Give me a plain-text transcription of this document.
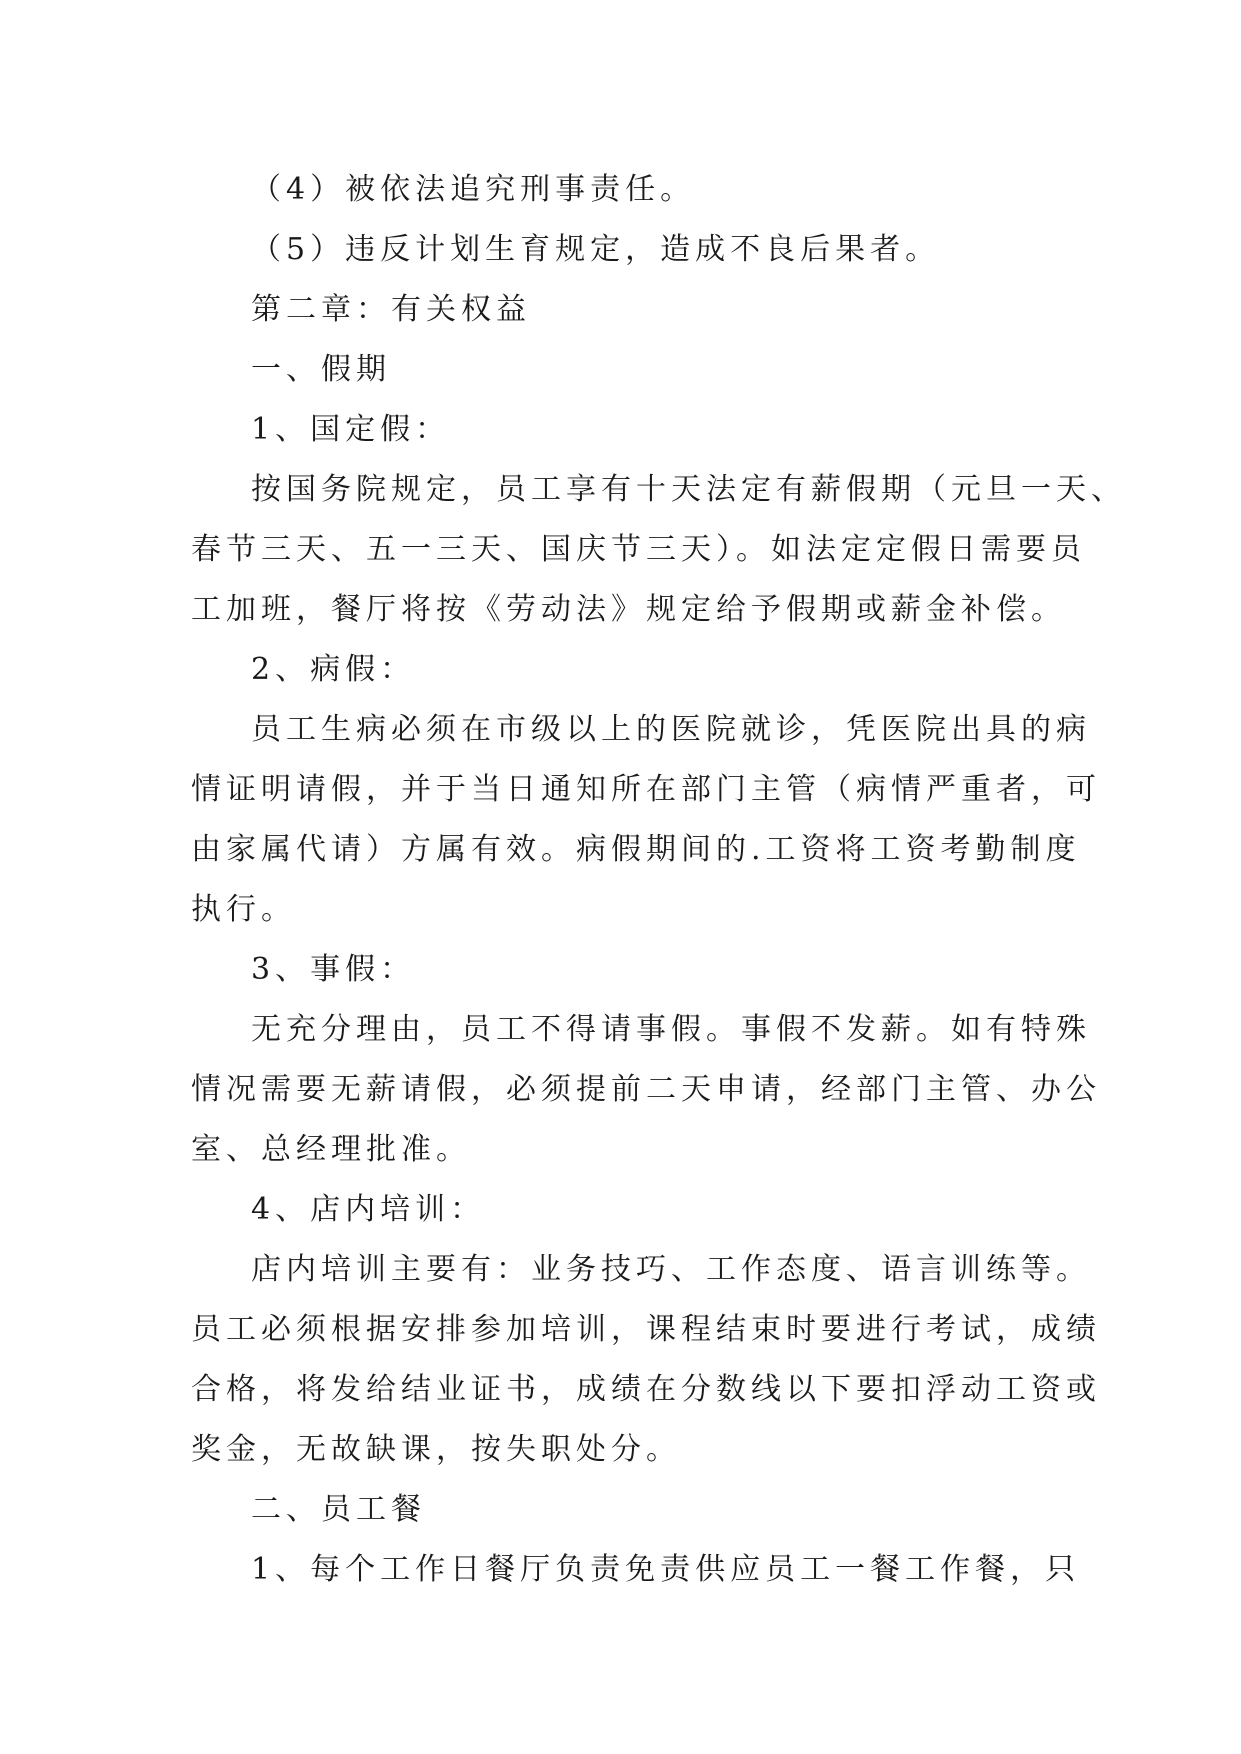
（4）被依法追究刑事责任。
（5）违反计划生育规定，造成不良后果者。
第二章：有关权益
一、假期
1、国定假：
按国务院规定，员工享有十天法定有薪假期（元旦一天、
春节三天、五一三天、国庆节三天）。如法定定假日需要员
工加班，餐厅将按《劳动法》规定给予假期或薪金补偿。
2、病假：
员工生病必须在市级以上的医院就诊，凭医院出具的病
情证明请假，并于当日通知所在部门主管（病情严重者，可
由家属代请）方属有效。病假期间的.工资将工资考勤制度
执行。
3、事假：
无充分理由，员工不得请事假。事假不发薪。如有特殊
情况需要无薪请假，必须提前二天申请，经部门主管、办公
室、总经理批准。
4、店内培训：
店内培训主要有：业务技巧、工作态度、语言训练等。
员工必须根据安排参加培训，课程结束时要进行考试，成绩
合格，将发给结业证书，成绩在分数线以下要扣浮动工资或
奖金，无故缺课，按失职处分。
二、员工餐
1、每个工作日餐厅负责免责供应员工一餐工作餐，只
